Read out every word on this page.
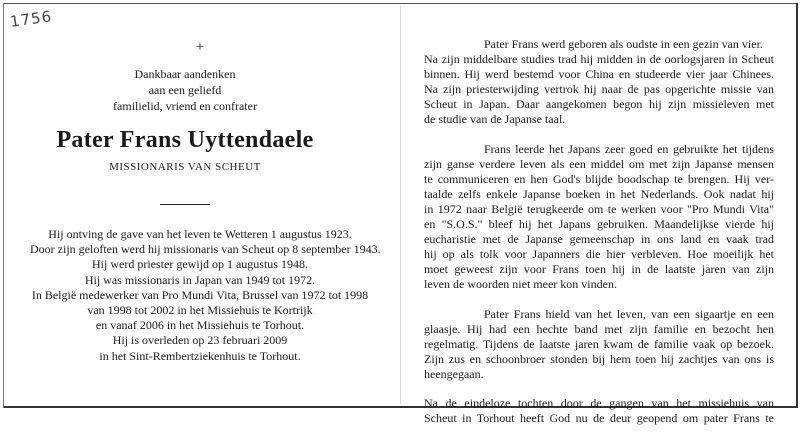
1756
+
Dankbaar aandenken
aan een geliefd
familielid, vriend en confrater
Pater Frans Uyttendaele
MISSIONARIS VAN SCHEUT
Hij ontving de gave van het leven te Wetteren 1 augustus 1923.
Door zijn geloften werd hij missionaris van Scheut op 8 september 1943.
Hij werd priester gewijd op 1 augustus 1948.
Hij was missionaris in Japan van 1949 tot 1972.
In België medewerker van Pro Mundi Vita, Brussel van 1972 tot 1998
van 1998 tot 2002 in het Missiehuis te Kortrijk
en vanaf 2006 in het Missiehuis te Torhout.
Hij is overleden op 23 februari 2009
in het Sint-Rembertziekenhuis te Torhout.

Pater Frans werd geboren als oudste in een gezin van vier.
Na zijn middelbare studies trad hij midden in de oorlogsjaren in Scheut
binnen. Hij werd bestemd voor China en studeerde vier jaar Chinees.
Na zijn priesterwijding vertrok hij naar de pas opgerichte missie van
Scheut in Japan. Daar aangekomen begon hij zijn missieleven met
de studie van de Japanse taal.

Frans leerde het Japans zeer goed en gebruikte het tijdens
zijn ganse verdere leven als een middel om met zijn Japanse mensen
te communiceren en hen God's blijde boodschap te brengen. Hij ver-
taalde zelfs enkele Japanse boeken in het Nederlands. Ook nadat hij
in 1972 naar België terugkeerde om te werken voor "Pro Mundi Vita"
en "S.O.S." bleef hij het Japans gebruiken. Maandelijkse vierde hij
eucharistie met de Japanse gemeenschap in ons land en vaak trad
hij op als tolk voor Japanners die hier verbleven. Hoe moeilijk het
moet geweest zijn voor Frans toen hij in de laatste jaren van zijn
leven de woorden niet meer kon vinden.

Pater Frans hield van het leven, van een sigaartje en een
glaasje. Hij had een hechte band met zijn familie en bezocht hen
regelmatig. Tijdens de laatste jaren kwam de familie vaak op bezoek.
Zijn zus en schoonbroer stonden bij hem toen hij zachtjes van ons is
heengegaan.

Na de eindeloze tochten door de gangen van het missiehuis van
Scheut in Torhout heeft God nu de deur geopend om pater Frans te
